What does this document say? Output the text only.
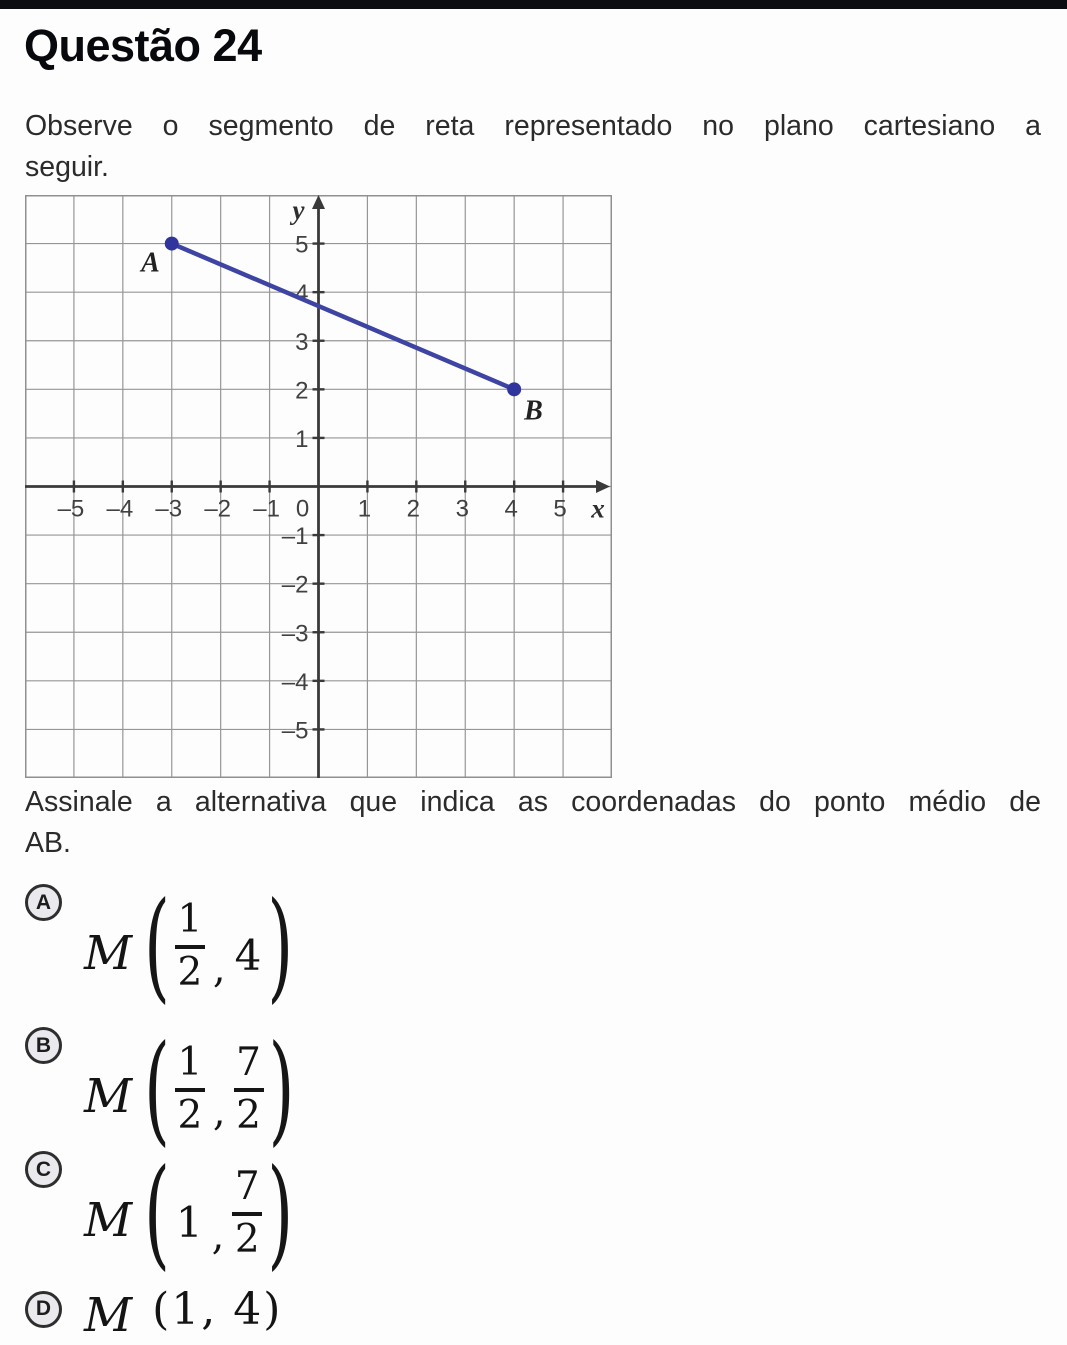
Questão 24
Observe o segmento de reta representado no plano cartesiano a
seguir.
–5 –4 –3 –2 –1 0 1 2 3 4 5
–5
–4
–3
–2
–1
1
2
3
4
5
y
x
A
B
Assinale a alternativa que indica as coordenadas do ponto médio de
AB.
A
M ( $\frac{1}{2}$ , 4 )
B
M ( $\frac{1}{2}$ , $\frac{7}{2}$ )
C
M ( 1 , $\frac{7}{2}$ )
D M (1, 4)
